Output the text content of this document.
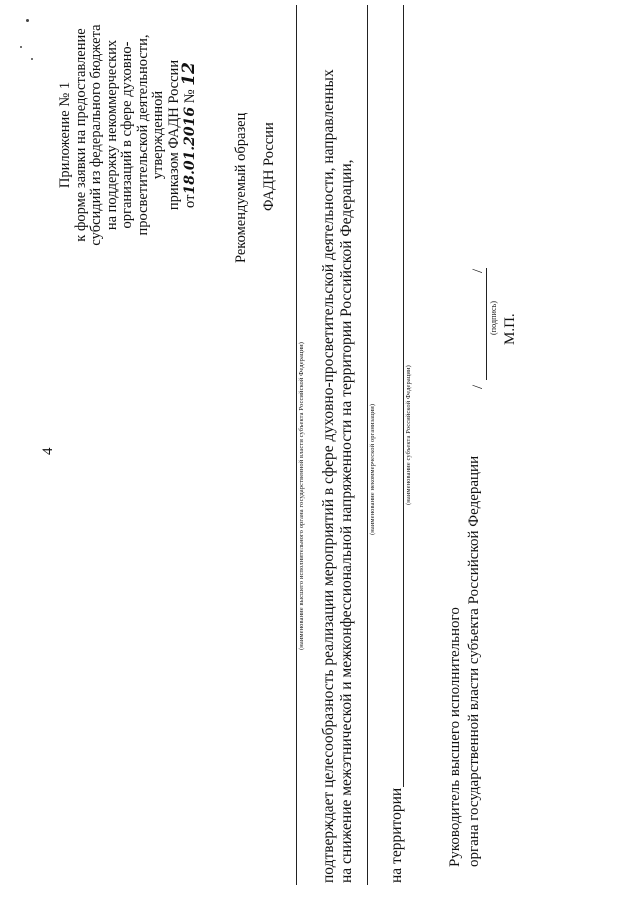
4
Приложение № 1 к форме заявки на предоставление субсидий из федерального бюджета на поддержку некоммерческих организаций в сфере духовно- просветительской деятельности, утвержденной приказом ФАДН России от18.01.2016 № 12
Рекомендуемый образец ФАДН России
(наименование высшего исполнительного органа государственной власти субъекта Российской Федерации) подтверждает целесообразность реализации мероприятий в сфере духовно-просветительской деятельности, направленных на снижение межэтнической и межконфессиональной напряженности на территории Российской Федерации, (наименование некоммерческой организации)
на территории
(наименование субъекта Российской Федерации)
Руководитель высшего исполнительного органа государственной власти субъекта Российской Федерации
/
/
(подпись) М.П.
